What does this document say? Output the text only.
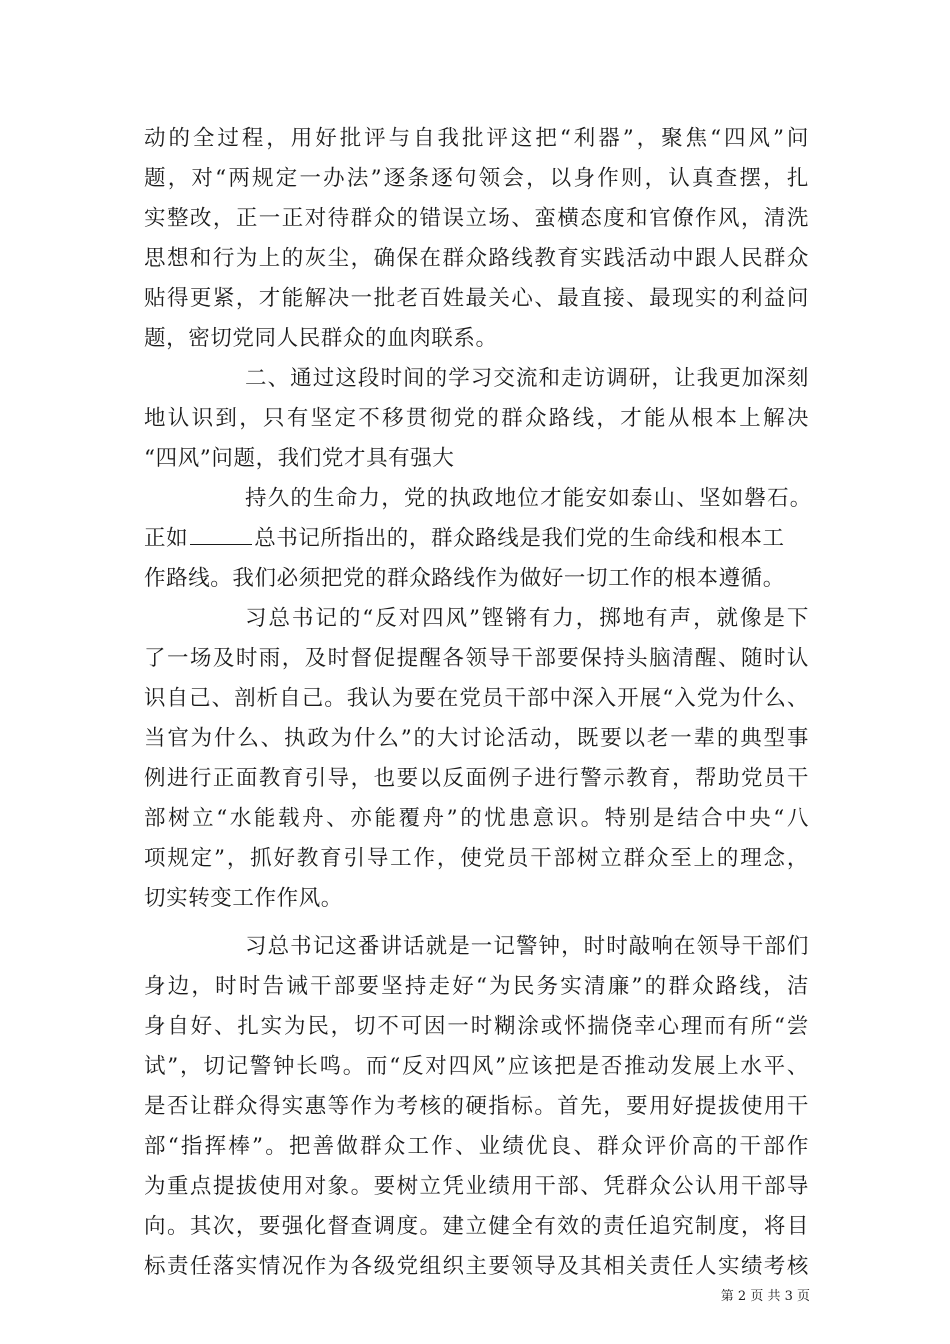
动的全过程，用好批评与自我批评这把“利器”，聚焦“四风”问
题，对“两规定一办法”逐条逐句领会，以身作则，认真查摆，扎
实整改，正一正对待群众的错误立场、蛮横态度和官僚作风，清洗
思想和行为上的灰尘，确保在群众路线教育实践活动中跟人民群众
贴得更紧，才能解决一批老百姓最关心、最直接、最现实的利益问
题，密切党同人民群众的血肉联系。
二、通过这段时间的学习交流和走访调研，让我更加深刻
地认识到，只有坚定不移贯彻党的群众路线，才能从根本上解决
“四风”问题，我们党才具有强大
持久的生命力，党的执政地位才能安如泰山、坚如磐石。
正如	总书记所指出的，群众路线是我们党的生命线和根本工
作路线。我们必须把党的群众路线作为做好一切工作的根本遵循。
习总书记的“反对四风”铿锵有力，掷地有声，就像是下
了一场及时雨，及时督促提醒各领导干部要保持头脑清醒、随时认
识自己、剖析自己。我认为要在党员干部中深入开展“入党为什么、
当官为什么、执政为什么”的大讨论活动，既要以老一辈的典型事
例进行正面教育引导，也要以反面例子进行警示教育，帮助党员干
部树立“水能载舟、亦能覆舟”的忧患意识。特别是结合中央“八
项规定”，抓好教育引导工作，使党员干部树立群众至上的理念，
切实转变工作作风。
习总书记这番讲话就是一记警钟，时时敲响在领导干部们
身边，时时告诫干部要坚持走好“为民务实清廉”的群众路线，洁
身自好、扎实为民，切不可因一时糊涂或怀揣侥幸心理而有所“尝
试”，切记警钟长鸣。而“反对四风”应该把是否推动发展上水平、
是否让群众得实惠等作为考核的硬指标。首先，要用好提拔使用干
部“指挥棒”。把善做群众工作、业绩优良、群众评价高的干部作
为重点提拔使用对象。要树立凭业绩用干部、凭群众公认用干部导
向。其次，要强化督查调度。建立健全有效的责任追究制度，将目
标责任落实情况作为各级党组织主要领导及其相关责任人实绩考核
第 2 页 共 3 页
